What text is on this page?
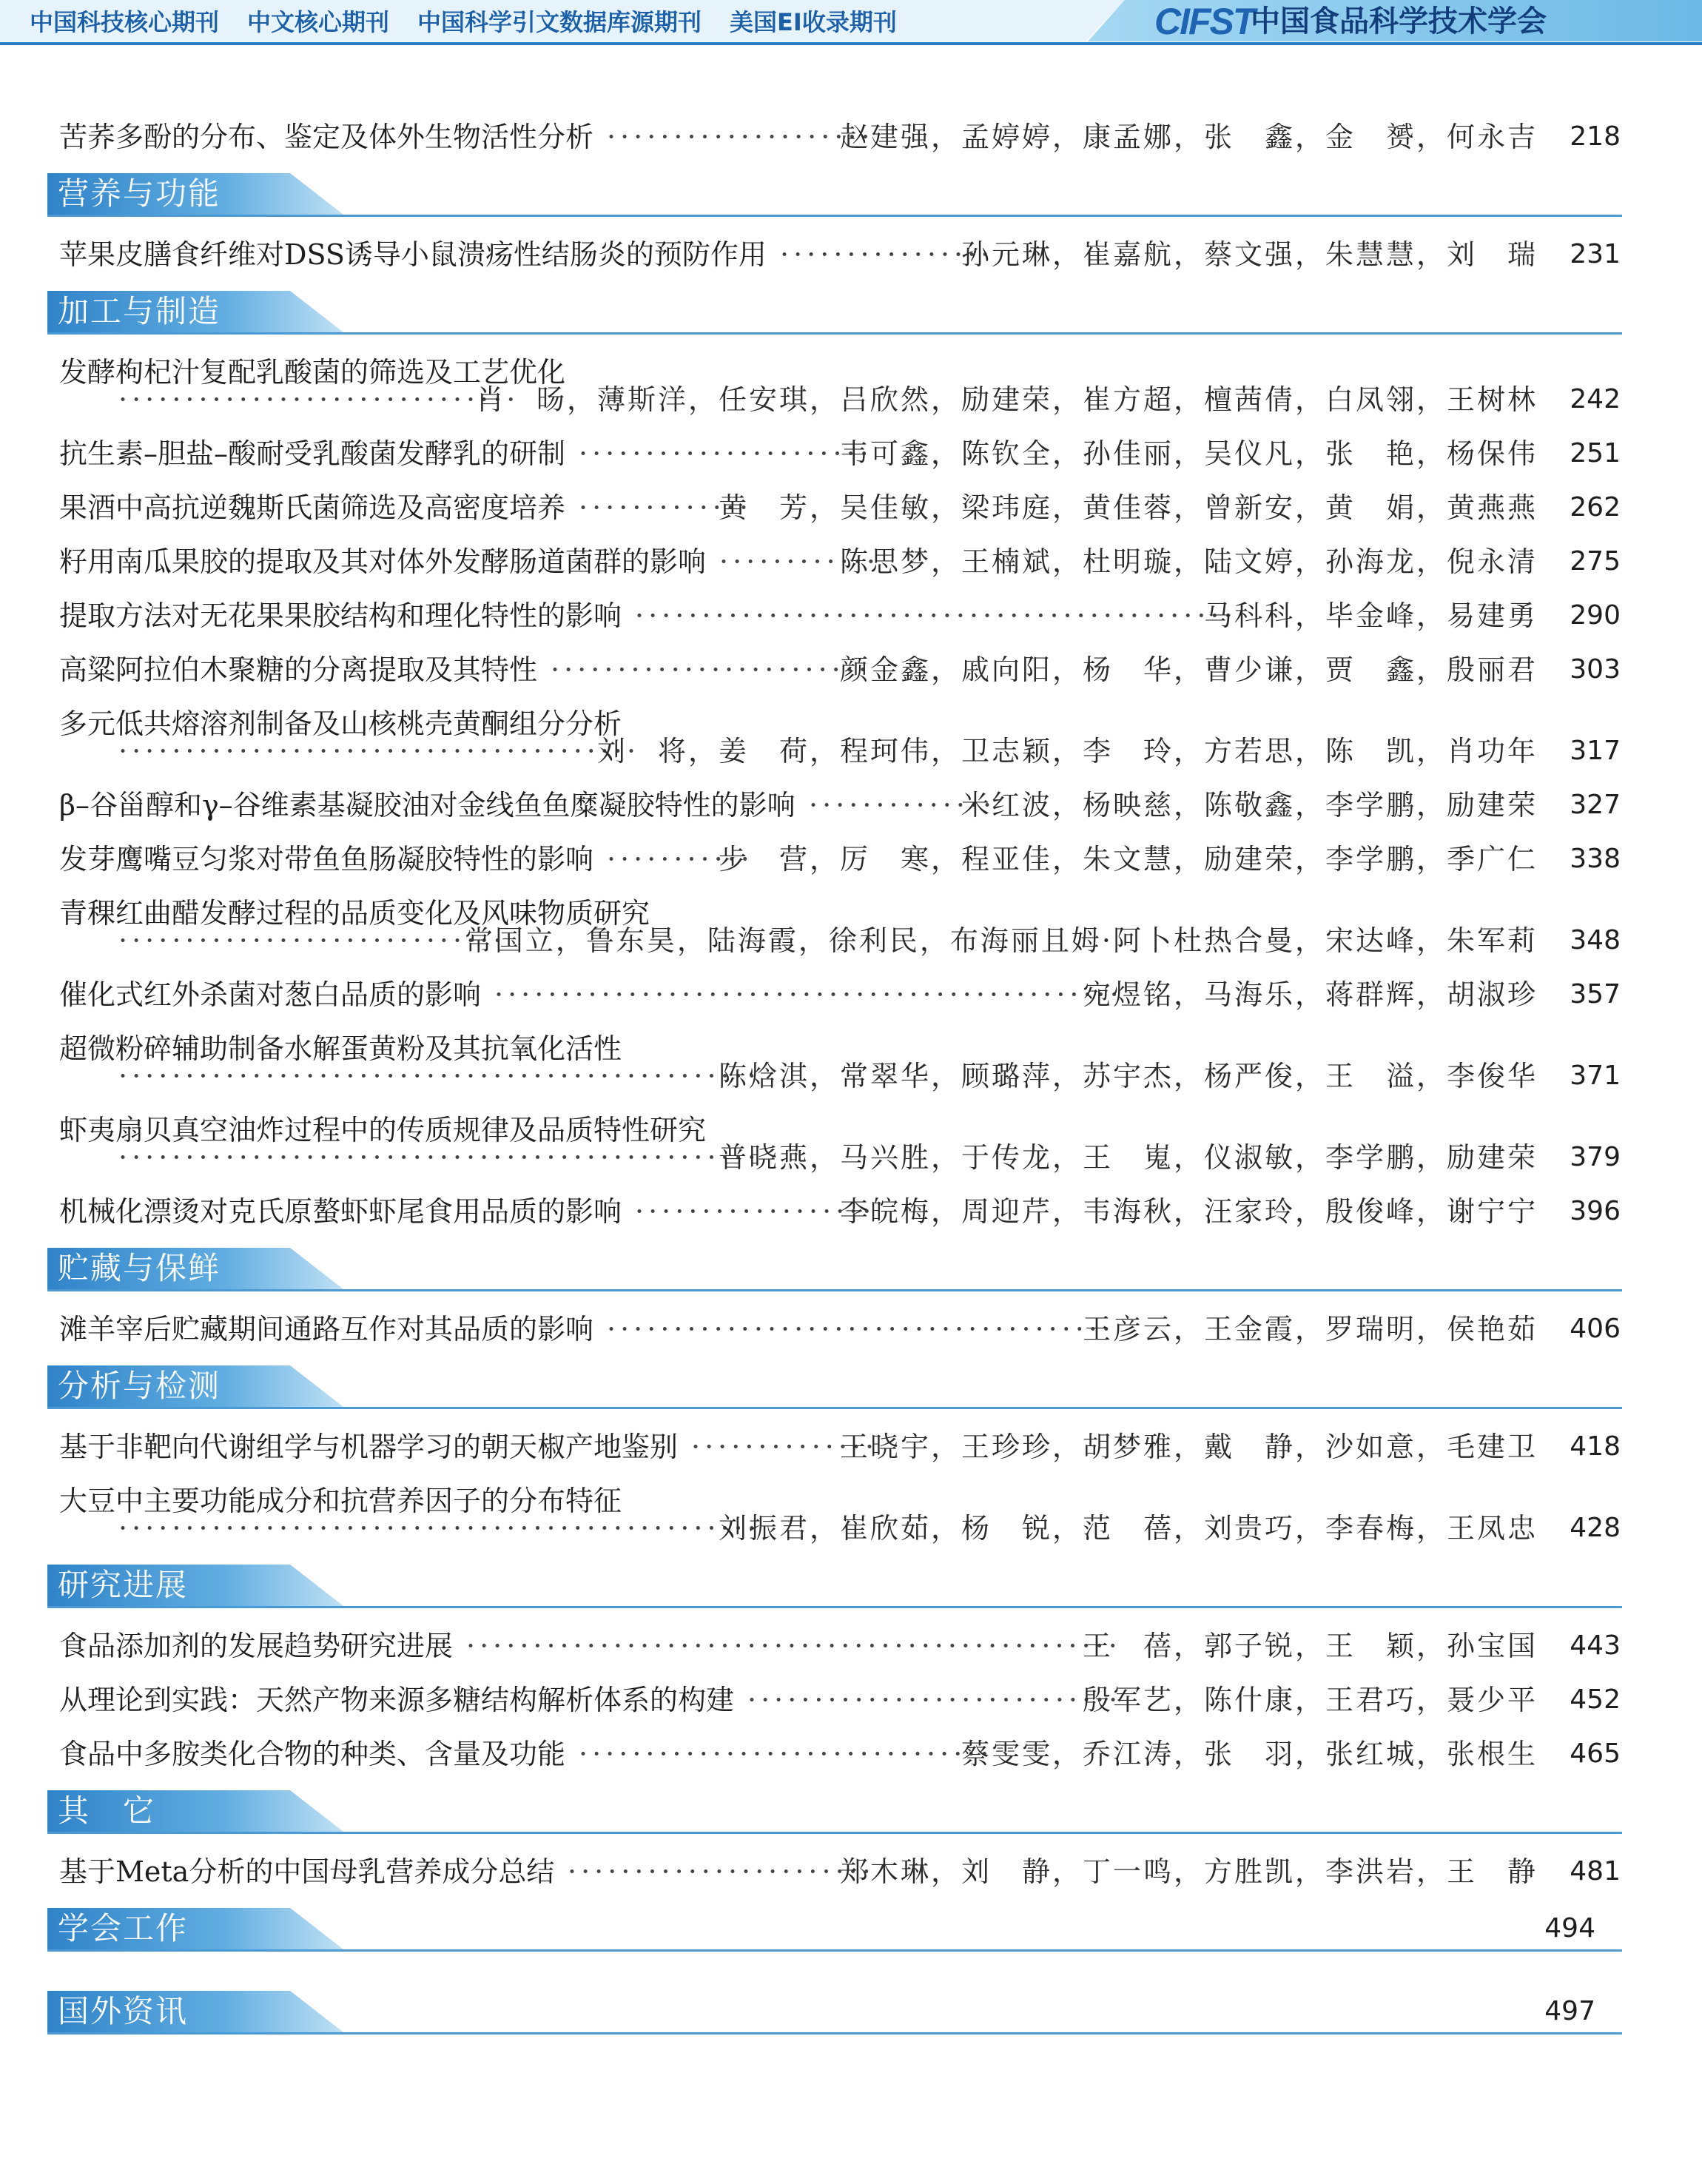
中国科技核心期刊 中文核心期刊 中国科学引文数据库源期刊 美国EI收录期刊	CIFST
中国食品科学技术学会
苦荞多酚的分布、鉴定及体外生物活性分析 ····················
赵建强，孟婷婷，康孟娜，张　鑫，金　赟，何永吉	218
营养与功能
苹果皮膳食纤维对DSS诱导小鼠溃疡性结肠炎的预防作用 ················
孙元琳，崔嘉航，蔡文强，朱慧慧，刘　瑞	231
加工与制造
发酵枸杞汁复配乳酸菌的筛选及工艺优化
······························
肖　旸，薄斯洋，任安琪，吕欣然，励建荣，崔方超，檀茜倩，白凤翎，王树林	242
抗生素–胆盐–酸耐受乳酸菌发酵乳的研制 ······················
韦可鑫，陈钦全，孙佳丽，吴仪凡，张　艳，杨保伟	251
果酒中高抗逆魏斯氏菌筛选及高密度培养 ·············
黄　芳，吴佳敏，梁玮庭，黄佳蓉，曾新安，黄　娟，黄燕燕	262
籽用南瓜果胶的提取及其对体外发酵肠道菌群的影响 ············
陈思梦，王楠斌，杜明璇，陆文婷，孙海龙，倪永清	275
提取方法对无花果果胶结构和理化特性的影响 ·············································
马科科，毕金峰，易建勇	290
高粱阿拉伯木聚糖的分离提取及其特性 ························
颜金鑫，戚向阳，杨　华，曹少谦，贾　鑫，殷丽君	303
多元低共熔溶剂制备及山核桃壳黄酮组分分析
·······································
刘　将，姜　荷，程珂伟，卫志颖，李　玲，方若思，陈　凯，肖功年	317
β–谷甾醇和γ–谷维素基凝胶油对金线鱼鱼糜凝胶特性的影响 ··············
米红波，杨映慈，陈敬鑫，李学鹏，励建荣	327
发芽鹰嘴豆匀浆对带鱼鱼肠凝胶特性的影响 ···········
步　营，厉　寒，程亚佳，朱文慧，励建荣，李学鹏，季广仁	338
青稞红曲醋发酵过程的品质变化及风味物质研究
·····························
常国立，鲁东昊，陆海霞，徐利民，布海丽且姆·阿卜杜热合曼，宋达峰，朱军莉	348
催化式红外杀菌对葱白品质的影响 ···············································
宛煜铭，马海乐，蒋群辉，胡淑珍	357
超微粉碎辅助制备水解蛋黄粉及其抗氧化活性
················································
陈焓淇，常翠华，顾璐萍，苏宇杰，杨严俊，王　溢，李俊华	371
虾夷扇贝真空油炸过程中的传质规律及品质特性研究
················································
普晓燕，马兴胜，于传龙，王　嵬，仪淑敏，李学鹏，励建荣	379
机械化漂烫对克氏原螯虾虾尾食用品质的影响 ··················
李皖梅，周迎芹，韦海秋，汪家玲，殷俊峰，谢宁宁	396
贮藏与保鲜
滩羊宰后贮藏期间通路互作对其品质的影响 ······································
王彦云，王金霞，罗瑞明，侯艳茹	406
分析与检测
基于非靶向代谢组学与机器学习的朝天椒产地鉴别 ··············
王晓宇，王珍珍，胡梦雅，戴　静，沙如意，毛建卫	418
大豆中主要功能成分和抗营养因子的分布特征
················································
刘振君，崔欣茹，杨　锐，范　蓓，刘贵巧，李春梅，王凤忠	428
研究进展
食品添加剂的发展趋势研究进展 ·················································
王　蓓，郭子锐，王　颖，孙宝国	443
从理论到实践：天然产物来源多糖结构解析体系的构建 ····························
殷军艺，陈什康，王君巧，聂少平	452
食品中多胺类化合物的种类、含量及功能 ·······························
蔡雯雯，乔江涛，张　羽，张红城，张根生	465
其　它
基于Meta分析的中国母乳营养成分总结 ·······················
郑木琳，刘　静，丁一鸣，方胜凯，李洪岩，王　静	481
学会工作	494
国外资讯	497
